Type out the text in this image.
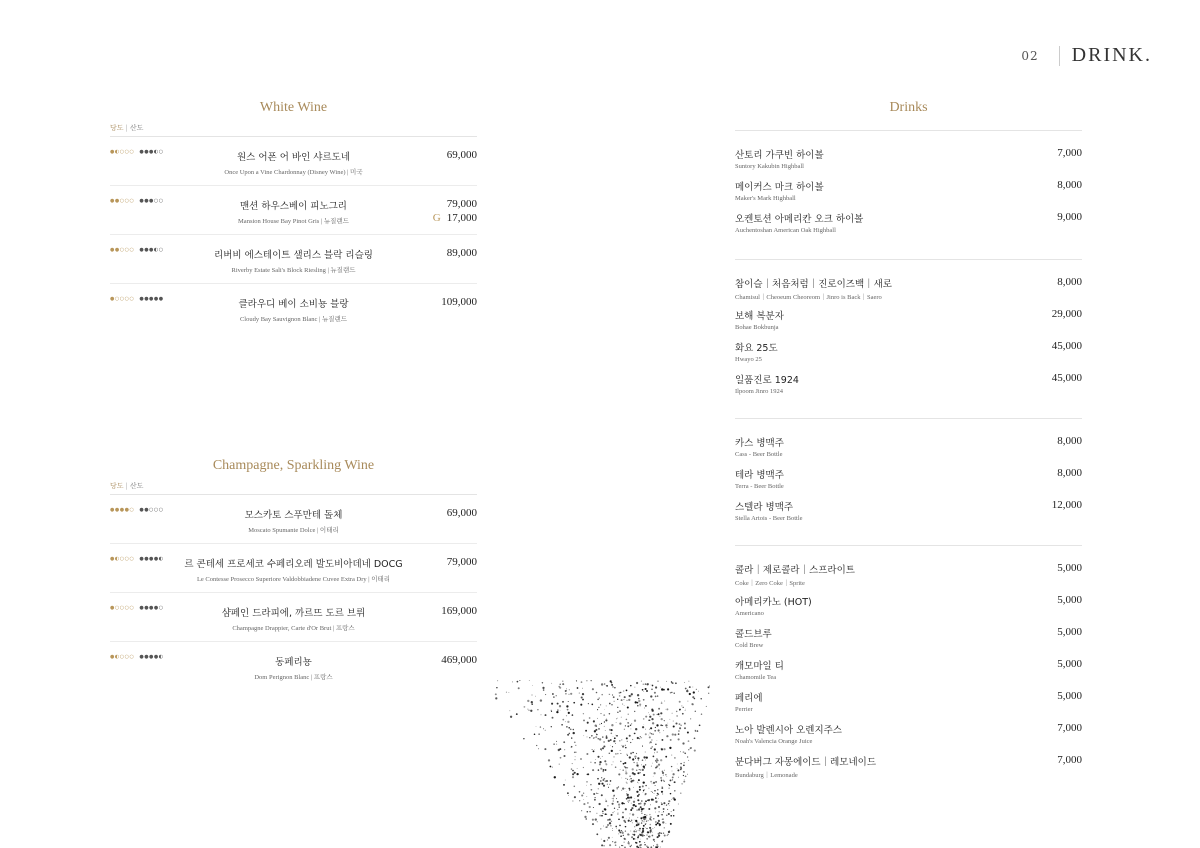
02 DRINK.
White Wine
당도 | 산도
●◐○○○ ●●●◐○	원스 어폰 어 바인 샤르도네
Once Upon a Vine Chardonnay (Disney Wine) | 미국
69,000
●●○○○ ●●●○○	맨션 하우스베이 피노그리
Mansion House Bay Pinot Gris | 뉴질랜드
79,000
G 17,000
●●○○○ ●●●◐○	리버비 에스테이트 샐리스 블락 리슬링
Riverby Estate Sali's Block Riesling | 뉴질랜드
89,000
●○○○○ ●●●●●	클라우디 베이 소비뇽 블랑
Cloudy Bay Sauvignon Blanc | 뉴질랜드
109,000
Champagne, Sparkling Wine
당도 | 산도
●●●●○ ●●○○○	모스카토 스푸만테 돌체
Moscato Spumante Dolce | 이태리
69,000
●◐○○○ ●●●●◐	르 콘테세 프로세코 수페리오레 발도비아데네 DOCG
Le Contesse Prosecco Superiore Valdobbiadene Cuvee Extra Dry | 이태리
79,000
●○○○○ ●●●●○	샴페인 드라피에, 까르뜨 도르 브뤼
Champagne Drappier, Carte d'Or Brut | 프랑스
169,000
●◐○○○ ●●●●◐	동페리뇽
Dom Perignon Blanc | 프랑스
469,000
Drinks
산토리 가쿠빈 하이볼
Suntory Kakubin Highball
7,000
메이커스 마크 하이볼
Maker's Mark Highball
8,000
오켄토션 아메리칸 오크 하이볼
Auchentoshan American Oak Highball
9,000
참이슬｜처음처럼｜진로이즈백｜새로
Chamisul｜Cheoeum Cheoreom｜Jinro is Back｜Saero
8,000
보해 복분자
Bohae Bokbunja
29,000
화요 25도
Hwayo 25
45,000
일품진로 1924
Ilpoom Jinro 1924
45,000
카스 병맥주
Cass - Beer Bottle
8,000
테라 병맥주
Terra - Beer Bottle
8,000
스텔라 병맥주
Stella Artois - Beer Bottle
12,000
콜라｜제로콜라｜스프라이트
Coke｜Zero Coke｜Sprite
5,000
아메리카노 (HOT)
Americano
5,000
콜드브루
Cold Brew
5,000
캐모마일 티
Chamomile Tea
5,000
페리에
Perrier
5,000
노아 발렌시아 오렌지주스
Noah's Valencia Orange Juice
7,000
분다버그 자몽에이드｜레모네이드
Bundaburg｜Lemonade
7,000
